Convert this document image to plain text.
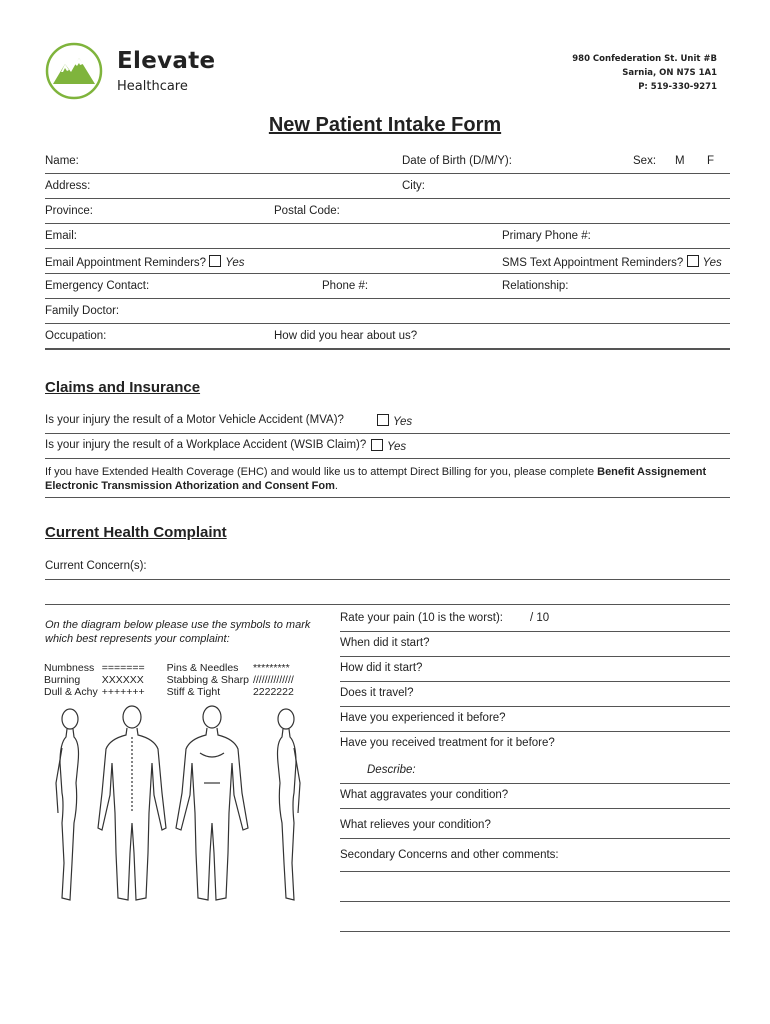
Elevate
Healthcare
980 Confederation St. Unit #B
Sarnia, ON N7S 1A1
P: 519-330-9271
New Patient Intake Form
Name:	Date of Birth (D/M/Y):	Sex: M F
Address:	City:
Province:	Postal Code:
Email:	Primary Phone #:
Email Appointment Reminders? Yes	SMS Text Appointment Reminders? Yes
Emergency Contact:	Phone #:	Relationship:
Family Doctor:
Occupation:	How did you hear about us?
Claims and Insurance
Is your injury the result of a Motor Vehicle Accident (MVA)?	Yes
Is your injury the result of a Workplace Accident (WSIB Claim)?	Yes
If you have Extended Health Coverage (EHC) and would like us to attempt Direct Billing for you, please complete Benefit Assignement Electronic Transmission Athorization and Consent Fom.
Current Health Complaint
Current Concern(s):
On the diagram below please use the symbols to mark which best represents your complaint:
Numbness	=======	Pins & Needles	*********
Burning	XXXXXX	Stabbing & Sharp	//////////////
Dull & Achy	+++++++	Stiff & Tight	2222222
Rate your pain (10 is the worst): / 10
When did it start?
How did it start?
Does it travel?
Have you experienced it before?
Have you received treatment for it before?
Describe:
What aggravates your condition?
What relieves your condition?
Secondary Concerns and other comments:
